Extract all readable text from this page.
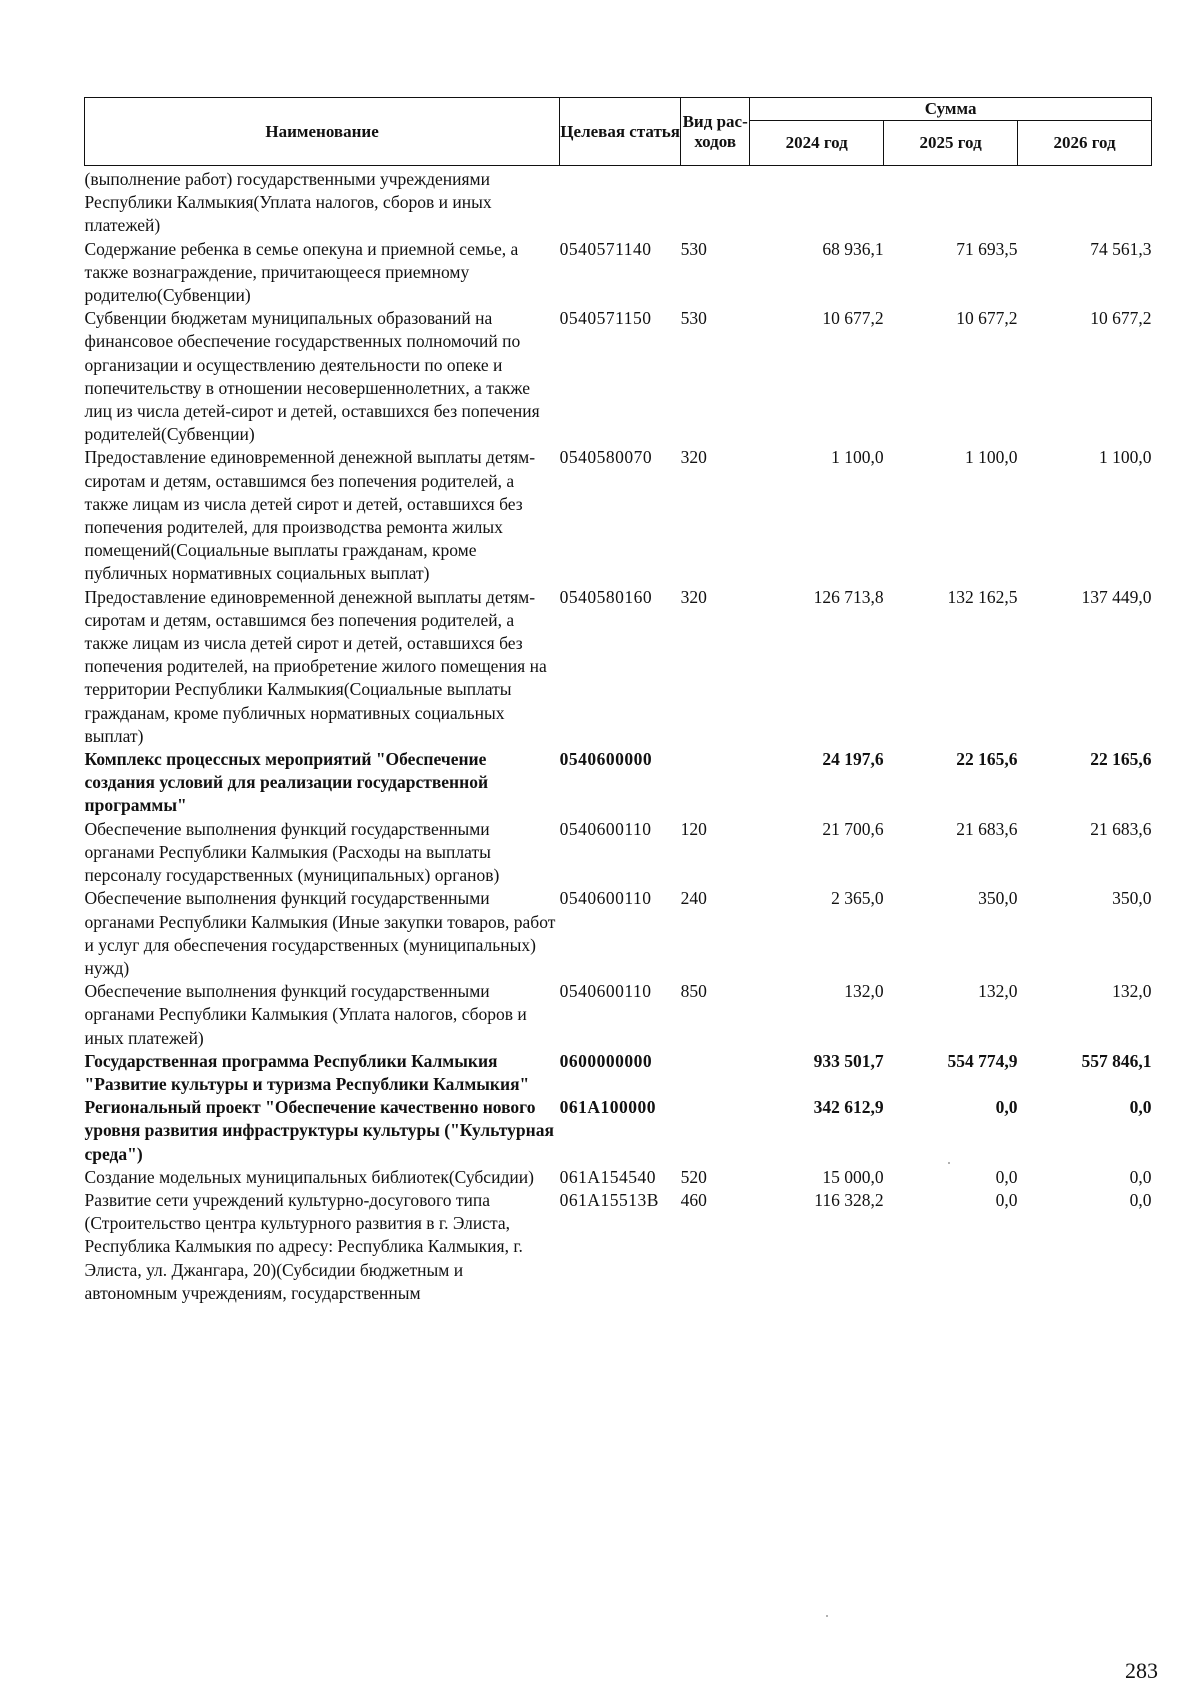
Наименование	Целевая статья	Вид рас-ходов	Сумма		
			2024 год	2025 год	2026 год
(выполнение работ) государственными учреждениями Республики Калмыкия(Уплата налогов, сборов и иных платежей)					
Содержание ребенка в семье опекуна и приемной семье, а также вознаграждение, причитающееся приемному родителю(Субвенции)	0540571140	530	68 936,1	71 693,5	74 561,3
Субвенции бюджетам муниципальных образований на финансовое обеспечение государственных полномочий по организации и осуществлению деятельности по опеке и попечительству в отношении несовершеннолетних, а также лиц из числа детей-сирот и детей, оставшихся без попечения родителей(Субвенции)	0540571150	530	10 677,2	10 677,2	10 677,2
Предоставление единовременной денежной выплаты детям-сиротам и детям, оставшимся без попечения родителей, а также лицам из числа детей сирот и детей, оставшихся без попечения родителей, для производства ремонта жилых помещений(Социальные выплаты гражданам, кроме публичных нормативных социальных выплат)	0540580070	320	1 100,0	1 100,0	1 100,0
Предоставление единовременной денежной выплаты детям-сиротам и детям, оставшимся без попечения родителей, а также лицам из числа детей сирот и детей, оставшихся без попечения родителей, на приобретение жилого помещения на территории Республики Калмыкия(Социальные выплаты гражданам, кроме публичных нормативных социальных выплат)	0540580160	320	126 713,8	132 162,5	137 449,0
Комплекс процессных мероприятий "Обеспечение создания условий для реализации государственной программы"	0540600000		24 197,6	22 165,6	22 165,6
Обеспечение выполнения функций государственными органами Республики Калмыкия (Расходы на выплаты персоналу государственных (муниципальных) органов)	0540600110	120	21 700,6	21 683,6	21 683,6
Обеспечение выполнения функций государственными органами Республики Калмыкия (Иные закупки товаров, работ и услуг для обеспечения государственных (муниципальных) нужд)	0540600110	240	2 365,0	350,0	350,0
Обеспечение выполнения функций государственными органами Республики Калмыкия (Уплата налогов, сборов и иных платежей)	0540600110	850	132,0	132,0	132,0
Государственная программа Республики Калмыкия "Развитие культуры и туризма Республики Калмыкия"	0600000000		933 501,7	554 774,9	557 846,1
Региональный проект "Обеспечение качественно нового уровня развития инфраструктуры культуры ("Культурная среда")	061A100000		342 612,9	0,0	0,0
Создание модельных муниципальных библиотек(Субсидии)	061A154540	520	15 000,0	0,0	0,0
Развитие сети учреждений культурно-досугового типа (Строительство центра культурного развития в г. Элиста, Республика Калмыкия по адресу: Республика Калмыкия, г. Элиста, ул. Джангара, 20)(Субсидии бюджетным и автономным учреждениям, государственным	061A15513В	460	116 328,2	0,0	0,0
283
